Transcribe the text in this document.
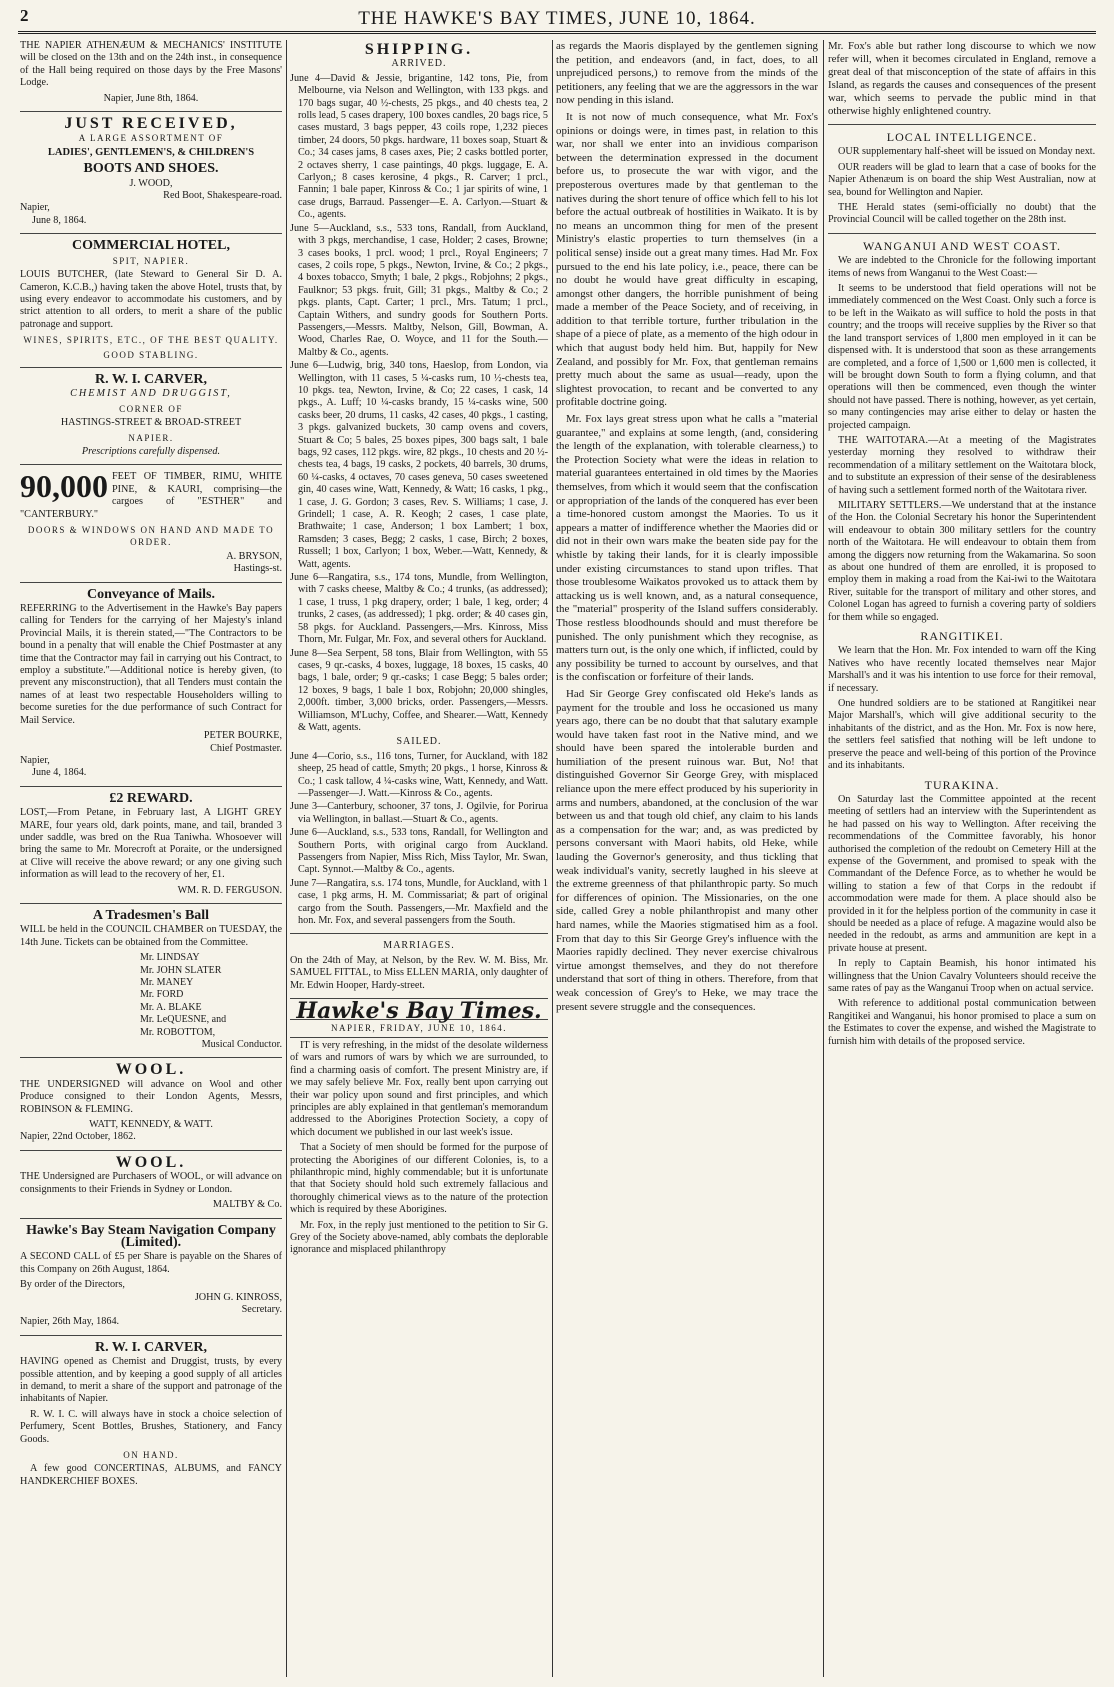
2	THE HAWKE'S BAY TIMES, JUNE 10, 1864.

THE NAPIER ATHENÆUM & MECHANICS' INSTITUTE will be closed on the 13th and on the 24th inst., in consequence of the Hall being required on those days by the Free Masons' Lodge.

Napier, June 8th, 1864.

JUST RECEIVED,
A LARGE ASSORTMENT OF
LADIES', GENTLEMEN'S, & CHILDREN'S
BOOTS AND SHOES.
J. WOOD,
Red Boot, Shakespeare-road.
Napier,
June 8, 1864.
COMMERCIAL HOTEL,
SPIT, NAPIER.

LOUIS BUTCHER, (late Steward to General Sir D. A. Cameron, K.C.B.,) having taken the above Hotel, trusts that, by using every endeavor to accommodate his customers, and by strict attention to all orders, to merit a share of the public patronage and support.

WINES, SPIRITS, ETC., OF THE BEST QUALITY.
GOOD STABLING.
R. W. I. CARVER,
CHEMIST AND DRUGGIST,
CORNER OF
HASTINGS-STREET & BROAD-STREET
NAPIER.
Prescriptions carefully dispensed.
90,000 FEET OF TIMBER, RIMU, WHITE PINE, & KAURI, comprising—the cargoes of "ESTHER" and "CANTERBURY."

DOORS & WINDOWS ON HAND AND MADE TO ORDER.
A. BRYSON,
Hastings-st.
Conveyance of Mails.

REFERRING to the Advertisement in the Hawke's Bay papers calling for Tenders for the carrying of her Majesty's inland Provincial Mails, it is therein stated,—"The Contractors to be bound in a penalty that will enable the Chief Postmaster at any time that the Contractor may fail in carrying out his Contract, to employ a substitute."—Additional notice is hereby given, (to prevent any misconstruction), that all Tenders must contain the names of at least two respectable Householders willing to become sureties for the due performance of such Contract for Mail Service.

PETER BOURKE,
Chief Postmaster.
Napier,
June 4, 1864.
£2 REWARD.

LOST,—From Petane, in February last, A LIGHT GREY MARE, four years old, dark points, mane, and tail, branded 3 under saddle, was bred on the Rua Taniwha. Whosoever will bring the same to Mr. Morecroft at Poraite, or the undersigned at Clive will receive the above reward; or any one giving such information as will lead to the recovery of her, £1.

WM. R. D. FERGUSON.
A Tradesmen's Ball

WILL be held in the COUNCIL CHAMBER on TUESDAY, the 14th June. Tickets can be obtained from the Committee.

Mr. LINDSAY
Mr. JOHN SLATER
Mr. MANEY
Mr. FORD
Mr. A. BLAKE
Mr. LeQUESNE, and
Mr. ROBOTTOM,
Musical Conductor.
WOOL.

THE UNDERSIGNED will advance on Wool and other Produce consigned to their London Agents, Messrs, ROBINSON & FLEMING.

WATT, KENNEDY, & WATT.
Napier, 22nd October, 1862.
WOOL.

THE Undersigned are Purchasers of WOOL, or will advance on consignments to their Friends in Sydney or London.

MALTBY & Co.
Hawke's Bay Steam Navigation Company (Limited).

A SECOND CALL of £5 per Share is payable on the Shares of this Company on 26th August, 1864.

By order of the Directors,
JOHN G. KINROSS,
Secretary.
Napier, 26th May, 1864.
R. W. I. CARVER,

HAVING opened as Chemist and Druggist, trusts, by every possible attention, and by keeping a good supply of all articles in demand, to merit a share of the support and patronage of the inhabitants of Napier.

R. W. I. C. will always have in stock a choice selection of Perfumery, Scent Bottles, Brushes, Stationery, and Fancy Goods.

ON HAND.

A few good CONCERTINAS, ALBUMS, and FANCY HANDKERCHIEF BOXES.

SHIPPING.
ARRIVED.
June 4—David & Jessie, brigantine, 142 tons, Pie, from Melbourne, via Nelson and Wellington, with 133 pkgs. and 170 bags sugar, 40 ½-chests, 25 pkgs., and 40 chests tea, 2 rolls lead, 5 cases drapery, 100 boxes candles, 20 bags rice, 5 cases mustard, 3 bags pepper, 43 coils rope, 1,232 pieces timber, 24 doors, 50 pkgs. hardware, 11 boxes soap, Stuart & Co.; 34 cases jams, 8 cases axes, Pie; 2 casks bottled porter, 2 octaves sherry, 1 case paintings, 40 pkgs. luggage, E. A. Carlyon,; 8 cases kerosine, 4 pkgs., R. Carver; 1 prcl., Fannin; 1 bale paper, Kinross & Co.; 1 jar spirits of wine, 1 case drugs, Barraud. Passenger—E. A. Carlyon.—Stuart & Co., agents.
June 5—Auckland, s.s., 533 tons, Randall, from Auckland, with 3 pkgs, merchandise, 1 case, Holder; 2 cases, Browne; 3 cases books, 1 prcl. wood; 1 prcl., Royal Engineers; 7 cases, 2 coils rope, 5 pkgs., Newton, Irvine, & Co.; 2 pkgs., 4 boxes tobacco, Smyth; 1 bale, 2 pkgs., Robjohns; 2 pkgs., Faulknor; 53 pkgs. fruit, Gill; 31 pkgs., Maltby & Co.; 2 pkgs. plants, Capt. Carter; 1 prcl., Mrs. Tatum; 1 prcl., Captain Withers, and sundry goods for Southern Ports. Passengers,—Messrs. Maltby, Nelson, Gill, Bowman, A. Wood, Charles Rae, O. Woyce, and 11 for the South.—Maltby & Co., agents.
June 6—Ludwig, brig, 340 tons, Haeslop, from London, via Wellington, with 11 cases, 5 ¼-casks rum, 10 ½-chests tea, 10 pkgs. tea, Newton, Irvine, & Co; 22 cases, 1 cask, 14 pkgs., A. Luff; 10 ¼-casks brandy, 15 ¼-casks wine, 500 casks beer, 20 drums, 11 casks, 42 cases, 40 pkgs., 1 casting, 3 pkgs. galvanized buckets, 30 camp ovens and covers, Stuart & Co; 5 bales, 25 boxes pipes, 300 bags salt, 1 bale bags, 92 cases, 112 pkgs. wire, 82 pkgs., 10 chests and 20 ½-chests tea, 4 bags, 19 casks, 2 pockets, 40 barrels, 30 drums, 60 ¼-casks, 4 octaves, 70 cases geneva, 50 cases sweetened gin, 40 cases wine, Watt, Kennedy, & Watt; 16 casks, 1 pkg., 1 case, J. G. Gordon; 3 cases, Rev. S. Williams; 1 case, J. Grindell; 1 case, A. R. Keogh; 2 cases, 1 case plate, Brathwaite; 1 case, Anderson; 1 box Lambert; 1 box, Ramsden; 3 cases, Begg; 2 casks, 1 case, Birch; 2 boxes, Russell; 1 box, Carlyon; 1 box, Weber.—Watt, Kennedy, & Watt, agents.
June 6—Rangatira, s.s., 174 tons, Mundle, from Wellington, with 7 casks cheese, Maltby & Co.; 4 trunks, (as addressed); 1 case, 1 truss, 1 pkg drapery, order; 1 bale, 1 keg, order; 4 trunks, 2 cases, (as addressed); 1 pkg. order; & 40 cases gin, 58 pkgs. for Auckland. Passengers,—Mrs. Kinross, Miss Thorn, Mr. Fulgar, Mr. Fox, and several others for Auckland.
June 8—Sea Serpent, 58 tons, Blair from Wellington, with 55 cases, 9 qr.-casks, 4 boxes, luggage, 18 boxes, 15 casks, 40 bags, 1 bale, order; 9 qr.-casks; 1 case Begg; 5 bales order; 12 boxes, 9 bags, 1 bale 1 box, Robjohn; 20,000 shingles, 2,000ft. timber, 3,000 bricks, order. Passengers,—Messrs. Williamson, M'Luchy, Coffee, and Shearer.—Watt, Kennedy & Watt, agents.
SAILED.
June 4—Corio, s.s., 116 tons, Turner, for Auckland, with 182 sheep, 25 head of cattle, Smyth; 20 pkgs., 1 horse, Kinross & Co.; 1 cask tallow, 4 ¼-casks wine, Watt, Kennedy, and Watt.—Passenger—J. Watt.—Kinross & Co., agents.
June 3—Canterbury, schooner, 37 tons, J. Ogilvie, for Porirua via Wellington, in ballast.—Stuart & Co., agents.
June 6—Auckland, s.s., 533 tons, Randall, for Wellington and Southern Ports, with original cargo from Auckland. Passengers from Napier, Miss Rich, Miss Taylor, Mr. Swan, Capt. Synnot.—Maltby & Co., agents.
June 7—Rangatira, s.s. 174 tons, Mundle, for Auckland, with 1 case, 1 pkg arms, H. M. Commissariat; & part of original cargo from the South. Passengers,—Mr. Maxfield and the hon. Mr. Fox, and several passengers from the South.
MARRIAGES.

On the 24th of May, at Nelson, by the Rev. W. M. Biss, Mr. SAMUEL FITTAL, to Miss ELLEN MARIA, only daughter of Mr. Edwin Hooper, Hardy-street.

Hawke's Bay Times.
NAPIER, FRIDAY, JUNE 10, 1864.

IT is very refreshing, in the midst of the desolate wilderness of wars and rumors of wars by which we are surrounded, to find a charming oasis of comfort. The present Ministry are, if we may safely believe Mr. Fox, really bent upon carrying out their war policy upon sound and first principles, and which principles are ably explained in that gentleman's memorandum addressed to the Aborigines Protection Society, a copy of which document we published in our last week's issue.

That a Society of men should be formed for the purpose of protecting the Aborigines of our different Colonies, is, to a philanthropic mind, highly commendable; but it is unfortunate that that Society should hold such extremely fallacious and thoroughly chimerical views as to the nature of the protection which is required by these Aborigines.

Mr. Fox, in the reply just mentioned to the petition to Sir G. Grey of the Society above-named, ably combats the deplorable ignorance and misplaced philanthropy

as regards the Maoris displayed by the gentlemen signing the petition, and endeavors (and, in fact, does, to all unprejudiced persons,) to remove from the minds of the petitioners, any feeling that we are the aggressors in the war now pending in this island.

It is not now of much consequence, what Mr. Fox's opinions or doings were, in times past, in relation to this war, nor shall we enter into an invidious comparison between the determination expressed in the document before us, to prosecute the war with vigor, and the preposterous overtures made by that gentleman to the natives during the short tenure of office which fell to his lot before the actual outbreak of hostilities in Waikato. It is by no means an uncommon thing for men of the present Ministry's elastic properties to turn themselves (in a political sense) inside out a great many times. Had Mr. Fox pursued to the end his late policy, i.e., peace, there can be no doubt he would have great difficulty in escaping, amongst other dangers, the horrible punishment of being made a member of the Peace Society, and of receiving, in addition to that terrible torture, further tribulation in the shape of a piece of plate, as a memento of the high odour in which that august body held him. But, happily for New Zealand, and possibly for Mr. Fox, that gentleman remains pretty much about the same as usual—ready, upon the slightest provocation, to recant and be converted to any profitable doctrine going.

Mr. Fox lays great stress upon what he calls a "material guarantee," and explains at some length, (and, considering the length of the explanation, with tolerable clearness,) to the Protection Society what were the ideas in relation to material guarantees entertained in old times by the Maories themselves, from which it would seem that the confiscation or appropriation of the lands of the conquered has ever been a time-honored custom amongst the Maories. To us it appears a matter of indifference whether the Maories did or did not in their own wars make the beaten side pay for the whistle by taking their lands, for it is clearly impossible under existing circumstances to stand upon trifles. That those troublesome Waikatos provoked us to attack them by attacking us is well known, and, as a natural consequence, the "material" prosperity of the Island suffers considerably. Those restless bloodhounds should and must therefore be punished. The only punishment which they recognise, as matters turn out, is the only one which, if inflicted, could by any possibility be turned to account by ourselves, and that is the confiscation or forfeiture of their lands.

Had Sir George Grey confiscated old Heke's lands as payment for the trouble and loss he occasioned us many years ago, there can be no doubt that that salutary example would have taken fast root in the Native mind, and we should have been spared the intolerable burden and humiliation of the present ruinous war. But, No! that distinguished Governor Sir George Grey, with misplaced reliance upon the mere effect produced by his superiority in arms and numbers, abandoned, at the conclusion of the war between us and that tough old chief, any claim to his lands as a compensation for the war; and, as was predicted by persons conversant with Maori habits, old Heke, while lauding the Governor's generosity, and thus tickling that weak individual's vanity, secretly laughed in his sleeve at the extreme greenness of that philanthropic party. So much for differences of opinion. The Missionaries, on the one side, called Grey a noble philanthropist and many other hard names, while the Maories stigmatised him as a fool. From that day to this Sir George Grey's influence with the Maories rapidly declined. They never exercise chivalrous virtue amongst themselves, and they do not therefore understand that sort of thing in others. Therefore, from that weak concession of Grey's to Heke, we may trace the present severe struggle and the consequences.

Mr. Fox's able but rather long discourse to which we now refer will, when it becomes circulated in England, remove a great deal of that misconception of the state of affairs in this Island, as regards the causes and consequences of the present war, which seems to pervade the public mind in that otherwise highly enlightened country.

LOCAL INTELLIGENCE.

OUR supplementary half-sheet will be issued on Monday next.

OUR readers will be glad to learn that a case of books for the Napier Athenæum is on board the ship West Australian, now at sea, bound for Wellington and Napier.

THE Herald states (semi-officially no doubt) that the Provincial Council will be called together on the 28th inst.

WANGANUI AND WEST COAST.

We are indebted to the Chronicle for the following important items of news from Wanganui to the West Coast:—

It seems to be understood that field operations will not be immediately commenced on the West Coast. Only such a force is to be left in the Waikato as will suffice to hold the posts in that country; and the troops will receive supplies by the River so that the land transport services of 1,800 men employed in it can be dispensed with. It is understood that soon as these arrangements are completed, and a force of 1,500 or 1,600 men is collected, it will be brought down South to form a flying column, and that operations will then be commenced, even though the winter should not have passed. There is nothing, however, as yet certain, so many contingencies may arise either to delay or hasten the projected campaign.

THE WAITOTARA.—At a meeting of the Magistrates yesterday morning they resolved to withdraw their recommendation of a military settlement on the Waitotara block, and to substitute an expression of their sense of the desirableness of having such a settlement formed north of the Waitotara river.

MILITARY SETTLERS.—We understand that at the instance of the Hon. the Colonial Secretary his honor the Superintendent will endeavour to obtain 300 military settlers for the country north of the Waitotara. He will endeavour to obtain them from among the diggers now returning from the Wakamarina. So soon as about one hundred of them are enrolled, it is proposed to employ them in making a road from the Kai-iwi to the Waitotara River, suitable for the transport of military and other stores, and Colonel Logan has agreed to furnish a covering party of soldiers for them while so engaged.

RANGITIKEI.

We learn that the Hon. Mr. Fox intended to warn off the King Natives who have recently located themselves near Major Marshall's and it was his intention to use force for their removal, if necessary.

One hundred soldiers are to be stationed at Rangitikei near Major Marshall's, which will give additional security to the inhabitants of the district, and as the Hon. Mr. Fox is now here, the settlers feel satisfied that nothing will be left undone to preserve the peace and well-being of this portion of the Province and its inhabitants.

TURAKINA.

On Saturday last the Committee appointed at the recent meeting of settlers had an interview with the Superintendent as he had passed on his way to Wellington. After receiving the recommendations of the Committee favorably, his honor authorised the completion of the redoubt on Cemetery Hill at the expense of the Government, and promised to speak with the Commandant of the Defence Force, as to whether he would be willing to station a few of that Corps in the redoubt if accommodation were made for them. A place should also be provided in it for the helpless portion of the community in case it should be needed as a place of refuge. A magazine would also be needed in the redoubt, as arms and ammunition are kept in a private house at present.

In reply to Captain Beamish, his honor intimated his willingness that the Union Cavalry Volunteers should receive the same rates of pay as the Wanganui Troop when on actual service.

With reference to additional postal communication between Rangitikei and Wanganui, his honor promised to place a sum on the Estimates to cover the expense, and wished the Magistrate to furnish him with details of the proposed service.
